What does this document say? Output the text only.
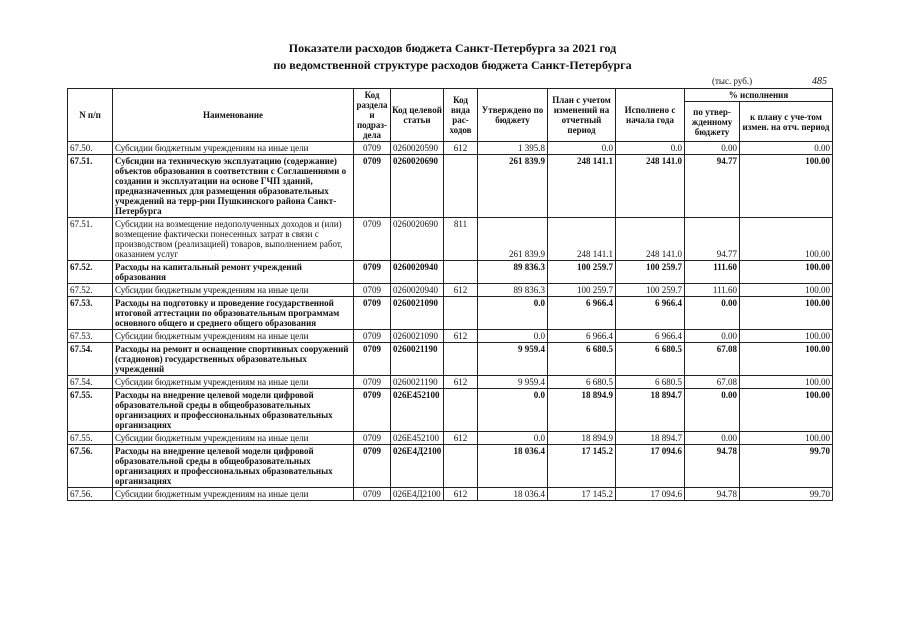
Показатели расходов бюджета Санкт-Петербурга за 2021 год
по ведомственной структуре расходов бюджета Санкт-Петербурга
(тыс. руб.)	485
N п/п	Наименование	Код раздела и подраз-дела	Код целевой статьи	Код вида рас-ходов	Утверждено по бюджету	План с учетом изменений на отчетный период	Исполнено с начала года	% исполнения	
								по утвер-жденному бюджету	к плану с уче-том измен. на отч. период
67.50.	Субсидии бюджетным учреждениям на иные цели	0709	0260020590	612	1 395.8	0.0	0.0	0.00	0.00
67.51.	Субсидии на техническую эксплуатацию (содержание) объектов образования в соответствии с Соглашениями о создании и эксплуатации на основе ГЧП зданий, предназначенных для размещения образовательных учреждений на терр-рии Пушкинского района Санкт-Петербурга	0709	0260020690		261 839.9	248 141.1	248 141.0	94.77	100.00
67.51.	Субсидии на возмещение недополученных доходов и (или) возмещение фактически понесенных затрат в связи с производством (реализацией) товаров, выполнением работ, оказанием услуг	0709	0260020690	811	261 839.9	248 141.1	248 141.0	94.77	100.00
67.52.	Расходы на капитальный ремонт учреждений образования	0709	0260020940		89 836.3	100 259.7	100 259.7	111.60	100.00
67.52.	Субсидии бюджетным учреждениям на иные цели	0709	0260020940	612	89 836.3	100 259.7	100 259.7	111.60	100.00
67.53.	Расходы на подготовку и проведение государственной итоговой аттестации по образовательным программам основного общего и среднего общего образования	0709	0260021090		0.0	6 966.4	6 966.4	0.00	100.00
67.53.	Субсидии бюджетным учреждениям на иные цели	0709	0260021090	612	0.0	6 966.4	6 966.4	0.00	100.00
67.54.	Расходы на ремонт и оснащение спортивных сооружений (стадионов) государственных образовательных учреждений	0709	0260021190		9 959.4	6 680.5	6 680.5	67.08	100.00
67.54.	Субсидии бюджетным учреждениям на иные цели	0709	0260021190	612	9 959.4	6 680.5	6 680.5	67.08	100.00
67.55.	Расходы на внедрение целевой модели цифровой образовательной среды в общеобразовательных организациях и профессиональных образовательных организациях	0709	026E452100		0.0	18 894.9	18 894.7	0.00	100.00
67.55.	Субсидии бюджетным учреждениям на иные цели	0709	026E452100	612	0.0	18 894.9	18 894.7	0.00	100.00
67.56.	Расходы на внедрение целевой модели цифровой образовательной среды в общеобразовательных организациях и профессиональных образовательных организациях	0709	026E4Д2100		18 036.4	17 145.2	17 094.6	94.78	99.70
67.56.	Субсидии бюджетным учреждениям на иные цели	0709	026E4Д2100	612	18 036.4	17 145.2	17 094.6	94.78	99.70
